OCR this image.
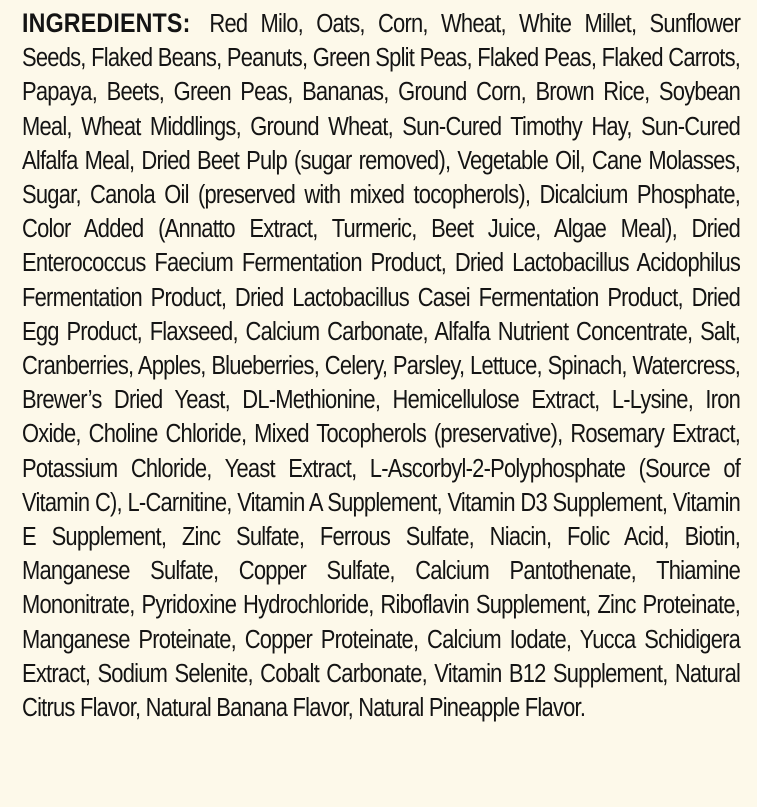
INGREDIENTS: Red Milo, Oats, Corn, Wheat, White Millet, Sunflower Seeds, Flaked Beans, Peanuts, Green Split Peas, Flaked Peas, Flaked Carrots, Papaya, Beets, Green Peas, Bananas, Ground Corn, Brown Rice, Soybean Meal, Wheat Middlings, Ground Wheat, Sun-Cured Timothy Hay, Sun-Cured Alfalfa Meal, Dried Beet Pulp (sugar removed), Vegetable Oil, Cane Molasses, Sugar, Canola Oil (preserved with mixed tocopherols), Dicalcium Phosphate, Color Added (Annatto Extract, Turmeric, Beet Juice, Algae Meal), Dried Enterococcus Faecium Fermentation Product, Dried Lactobacillus Acidophilus Fermentation Product, Dried Lactobacillus Casei Fermentation Product, Dried Egg Product, Flaxseed, Calcium Carbonate, Alfalfa Nutrient Concentrate, Salt, Cranberries, Apples, Blueberries, Celery, Parsley, Lettuce, Spinach, Watercress, Brewer’s Dried Yeast, DL-Methionine, Hemicellulose Extract, L-Lysine, Iron Oxide, Choline Chloride, Mixed Tocopherols (preservative), Rosemary Extract, Potassium Chloride, Yeast Extract, L-Ascorbyl-2-Polyphosphate (Source of Vitamin C), L-Carnitine, Vitamin A Supplement, Vitamin D3 Supplement, Vitamin E Supplement, Zinc Sulfate, Ferrous Sulfate, Niacin, Folic Acid, Biotin, Manganese Sulfate, Copper Sulfate, Calcium Pantothenate, Thiamine Mononitrate, Pyridoxine Hydrochloride, Riboflavin Supplement, Zinc Proteinate, Manganese Proteinate, Copper Proteinate, Calcium Iodate, Yucca Schidigera Extract, Sodium Selenite, Cobalt Carbonate, Vitamin B12 Supplement, Natural Citrus Flavor, Natural Banana Flavor, Natural Pineapple Flavor.
